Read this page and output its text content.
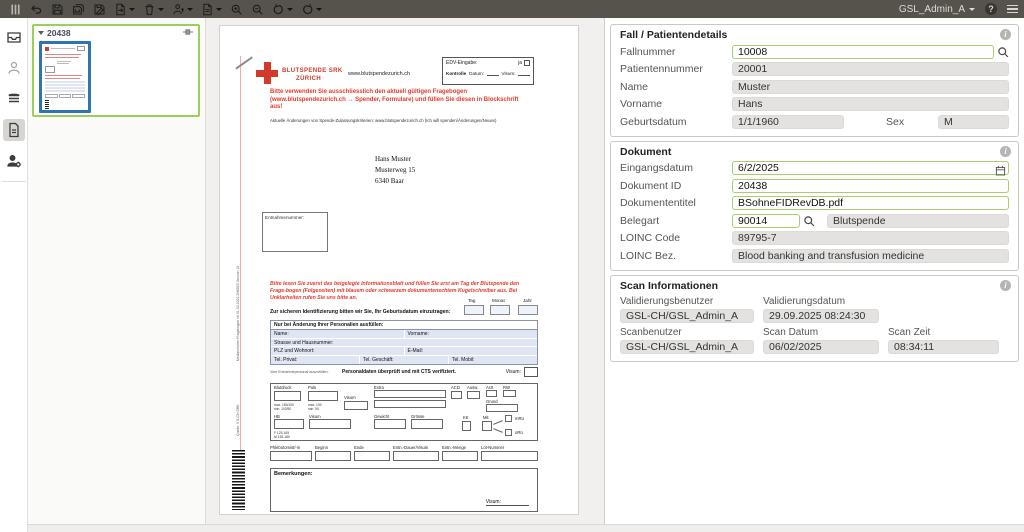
GSL_Admin_A	?
20438
BLUTSPENDE SRK
ZÜRICH
www.blutspendezurich.ch
EDV-Eingabe:	ja
Kontrolle Datum:	Visum:
Bitte verwenden Sie ausschliesslich den aktuell gültigen Fragebogen (www.blutspendezurich.ch → Spender, Formulare) und füllen Sie diesen in Blockschrift aus!
Aktuelle Änderungen von Spende-Zulassungskriterien: www.blutspendezurich.ch (Ich will spenden/Änderungen/Neues)
Hans Muster
Musterweg 15
6340 Baar
Entnahmenummer:
Bitte lesen Sie zuerst das beigelegte Informationsblatt und füllen Sie erst am Tag der Blutspende den Frage-bogen (Folgeseiten) mit blauem oder schwarzem dokumentenechtem Kugelschreiber aus. Bei Unklarheiten rufen Sie uns bitte an.	Tag	Monat	Jahr
Zur sicheren Identifizierung bitten wir Sie, Ihr Geburtsdatum einzutragen:
Nur bei Änderung Ihrer Personalien ausfüllen:
Name:	Vorname:
Strasse und Hausnummer:
PLZ und Wohnort:	E-Mail:
Tel. Privat:	Tel. Geschäft:	Tel. Mobil:
Vom Entnahmepersonal auszufüllen:	Personaldaten überprüft und mit CTS verifiziert.	Visum:
Blutdruck
max. 180/100
min. 100/50
Puls
max. 100
min. 50
Visum
Extra	ACD Ausw. Arzt RW
Grund
HB
F 125-165
M 135-180
Visum	Gewicht	Grösse	KK	Mit	mRü
oRü
Phlebotomist/-in	Beginn	Ende	Entn.-Dauer/Visum	Entn.-Menge	Lot-Nummer
Bemerkungen:
Visum:
Medizinischer Fragebogen v6 01.02.2022 ZH8503 Version 16
Quelle: V 8-CH SRK
Fall / Patientendetails	i
Fallnummer	10008
Patientennummer	20001
Name	Muster
Vorname	Hans
Geburtsdatum	1/1/1960	Sex	M
Dokument	i
Eingangsdatum	6/2/2025
Dokument ID	20438
Dokumententitel	BSohneFIDRevDB.pdf
Belegart	90014	Blutspende
LOINC Code	89795-7
LOINC Bez.	Blood banking and transfusion medicine
Scan Informationen	i
Validierungsbenutzer
GSL-CH/GSL_Admin_A
Validierungsdatum
29.09.2025 08:24:30
Scanbenutzer
GSL-CH/GSL_Admin_A
Scan Datum
06/02/2025
Scan Zeit
08:34:11
